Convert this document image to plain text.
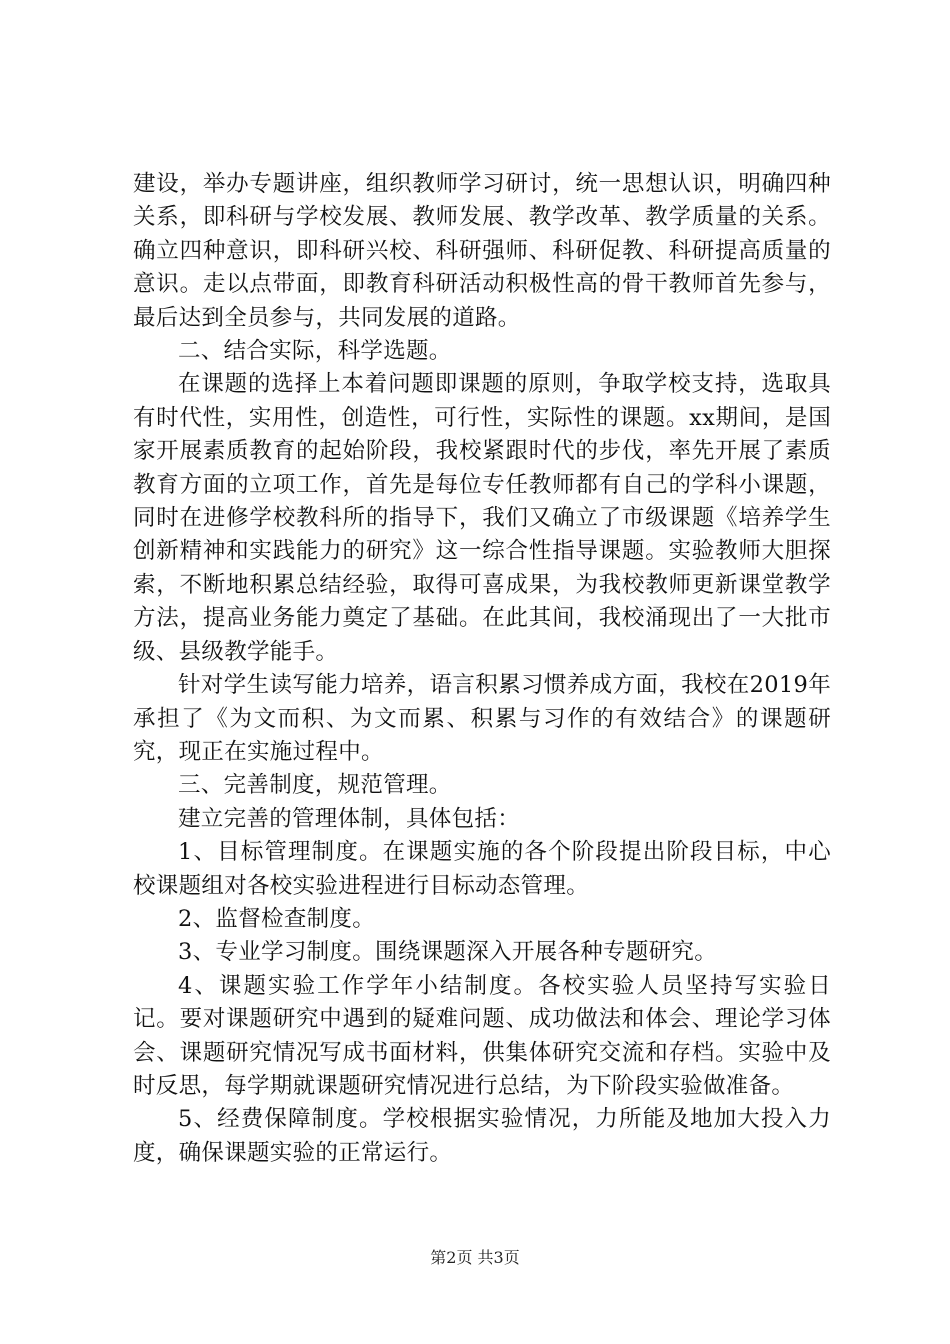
建设，举办专题讲座，组织教师学习研讨，统一思想认识，明确四种关系，即科研与学校发展、教师发展、教学改革、教学质量的关系。确立四种意识，即科研兴校、科研强师、科研促教、科研提高质量的意识。走以点带面，即教育科研活动积极性高的骨干教师首先参与，最后达到全员参与，共同发展的道路。

二、结合实际，科学选题。

在课题的选择上本着问题即课题的原则，争取学校支持，选取具有时代性，实用性，创造性，可行性，实际性的课题。xx期间，是国家开展素质教育的起始阶段，我校紧跟时代的步伐，率先开展了素质教育方面的立项工作，首先是每位专任教师都有自己的学科小课题，同时在进修学校教科所的指导下，我们又确立了市级课题《培养学生创新精神和实践能力的研究》这一综合性指导课题。实验教师大胆探索，不断地积累总结经验，取得可喜成果，为我校教师更新课堂教学方法，提高业务能力奠定了基础。在此其间，我校涌现出了一大批市级、县级教学能手。

针对学生读写能力培养，语言积累习惯养成方面，我校在2019年承担了《为文而积、为文而累、积累与习作的有效结合》的课题研究，现正在实施过程中。

三、完善制度，规范管理。

建立完善的管理体制，具体包括：

1、目标管理制度。在课题实施的各个阶段提出阶段目标，中心校课题组对各校实验进程进行目标动态管理。

2、监督检查制度。

3、专业学习制度。围绕课题深入开展各种专题研究。

4、课题实验工作学年小结制度。各校实验人员坚持写实验日记。要对课题研究中遇到的疑难问题、成功做法和体会、理论学习体会、课题研究情况写成书面材料，供集体研究交流和存档。实验中及时反思，每学期就课题研究情况进行总结，为下阶段实验做准备。

5、经费保障制度。学校根据实验情况，力所能及地加大投入力度，确保课题实验的正常运行。

第2页 共3页
